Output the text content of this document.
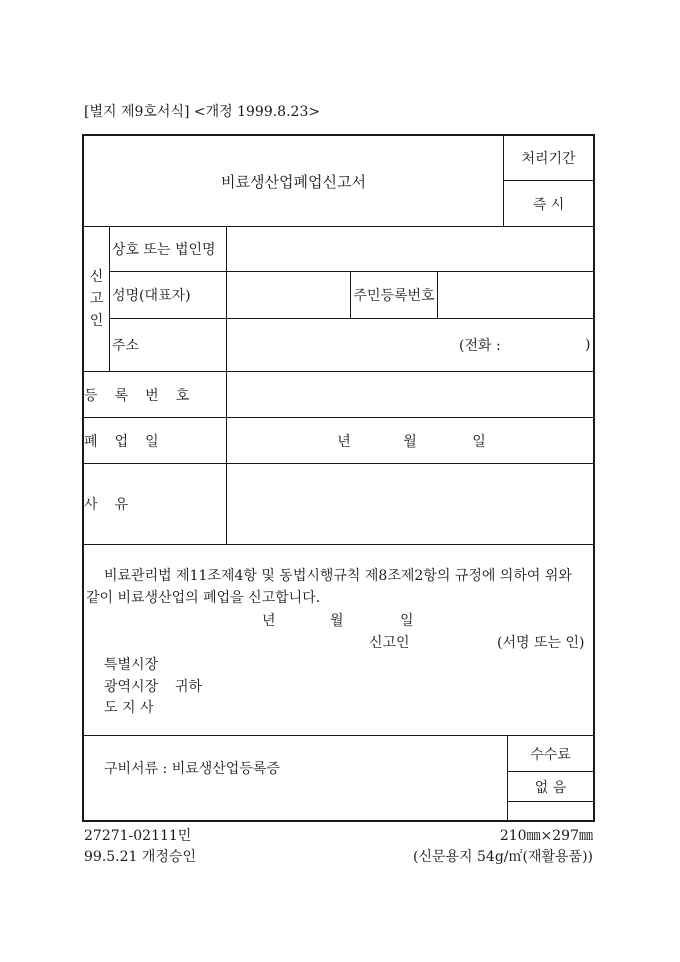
[별지 제9호서식] <개정 1999.8.23>
비료생산업폐업신고서
처리기간
즉 시
신
고
인
상호 또는 법인명
성명(대표자)	주민등록번호
주소	(전화 :	)
등 록 번 호
폐 업 일	년	월	일
사 유
비료관리법 제11조제4항 및 동법시행규칙 제8조제2항의 규정에 의하여 위와
같이 비료생산업의 폐업을 신고합니다.
년	월	일
신고인	(서명 또는 인)
특별시장
광역시장 귀하
도 지 사
구비서류 : 비료생산업등록증
수수료
없 음
27271-02111민
99.5.21 개정승인
210㎜×297㎜
(신문용지 54g/㎡(재활용품))
